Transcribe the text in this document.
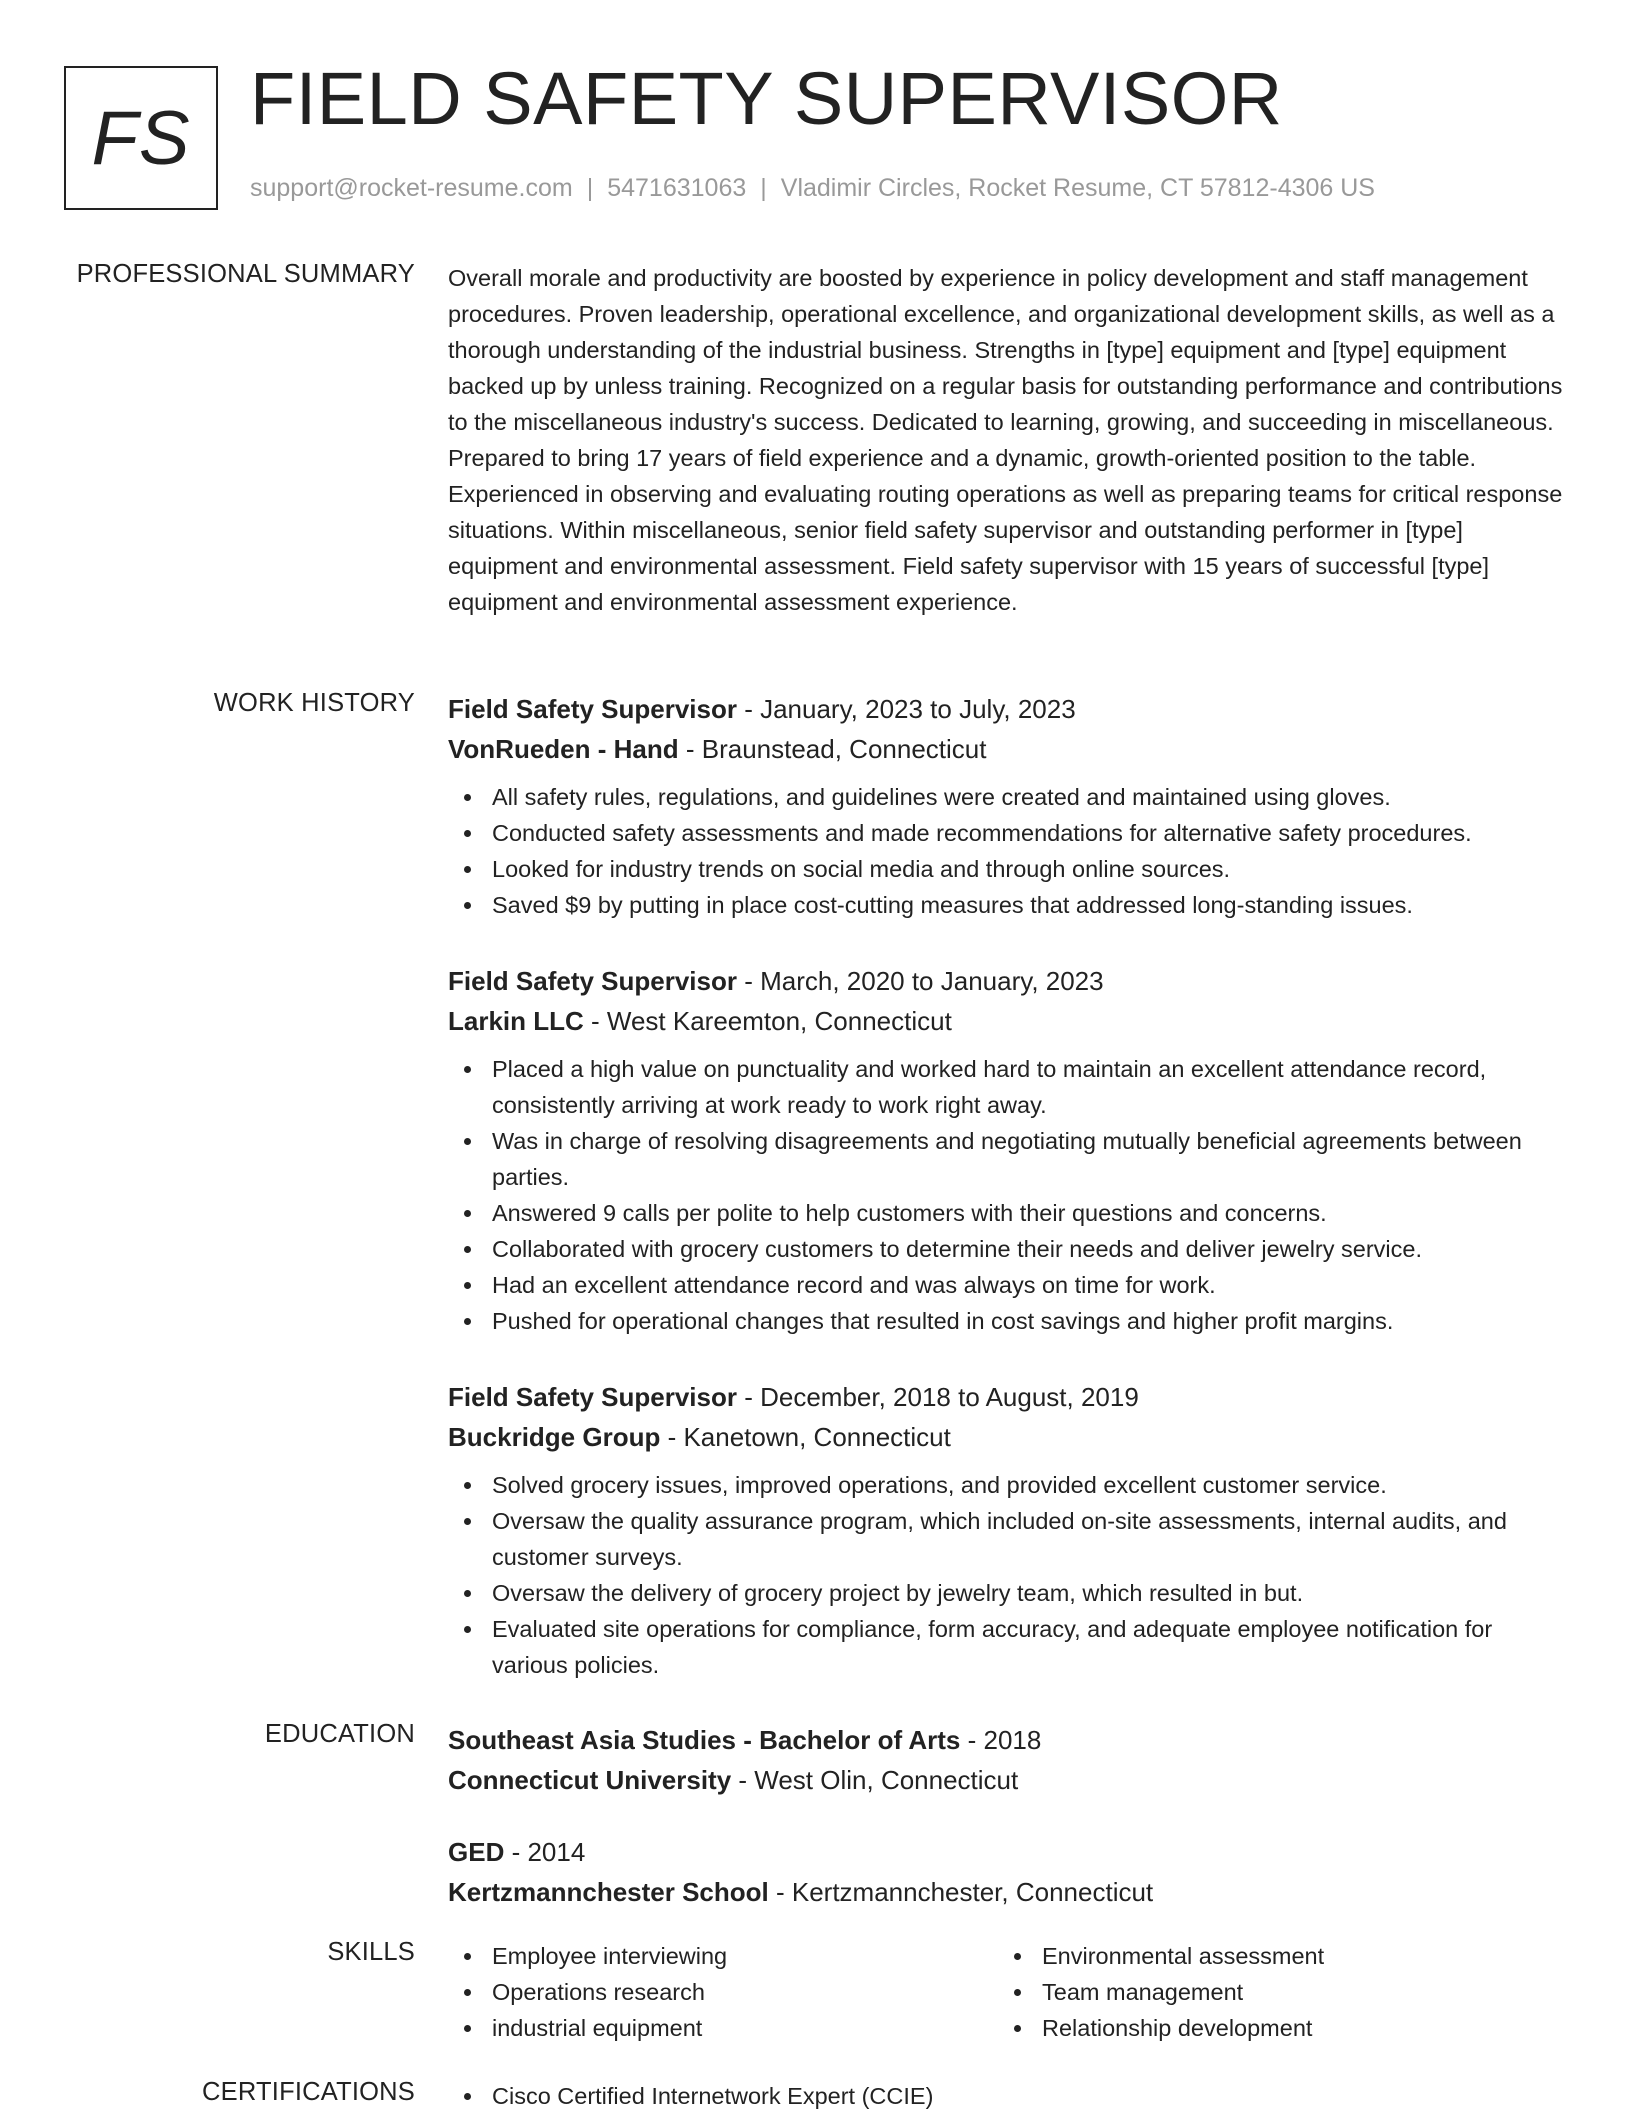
FS FIELD SAFETY SUPERVISOR
support@rocket-resume.com | 5471631063 | Vladimir Circles, Rocket Resume, CT 57812-4306 US
PROFESSIONAL SUMMARY Overall morale and productivity are boosted by experience in policy development and staff management procedures. Proven leadership, operational excellence, and organizational development skills, as well as a thorough understanding of the industrial business. Strengths in [type] equipment and [type] equipment backed up by unless training. Recognized on a regular basis for outstanding performance and contributions to the miscellaneous industry's success. Dedicated to learning, growing, and succeeding in miscellaneous. Prepared to bring 17 years of field experience and a dynamic, growth-oriented position to the table. Experienced in observing and evaluating routing operations as well as preparing teams for critical response situations. Within miscellaneous, senior field safety supervisor and outstanding performer in [type] equipment and environmental assessment. Field safety supervisor with 15 years of successful [type] equipment and environmental assessment experience.

WORK HISTORY Field Safety Supervisor - January, 2023 to July, 2023
VonRueden - Hand - Braunstead, Connecticut
All safety rules, regulations, and guidelines were created and maintained using gloves.
Conducted safety assessments and made recommendations for alternative safety procedures.
Looked for industry trends on social media and through online sources.
Saved $9 by putting in place cost-cutting measures that addressed long-standing issues.
Field Safety Supervisor - March, 2020 to January, 2023
Larkin LLC - West Kareemton, Connecticut
Placed a high value on punctuality and worked hard to maintain an excellent attendance record, consistently arriving at work ready to work right away.
Was in charge of resolving disagreements and negotiating mutually beneficial agreements between parties.
Answered 9 calls per polite to help customers with their questions and concerns.
Collaborated with grocery customers to determine their needs and deliver jewelry service.
Had an excellent attendance record and was always on time for work.
Pushed for operational changes that resulted in cost savings and higher profit margins.
Field Safety Supervisor - December, 2018 to August, 2019
Buckridge Group - Kanetown, Connecticut
Solved grocery issues, improved operations, and provided excellent customer service.
Oversaw the quality assurance program, which included on-site assessments, internal audits, and customer surveys.
Oversaw the delivery of grocery project by jewelry team, which resulted in but.
Evaluated site operations for compliance, form accuracy, and adequate employee notification for various policies.
EDUCATION Southeast Asia Studies - Bachelor of Arts - 2018
Connecticut University - West Olin, Connecticut
GED - 2014
Kertzmannchester School - Kertzmannchester, Connecticut
SKILLS	Employee interviewing
Operations research
industrial equipment
Environmental assessment
Team management
Relationship development
CERTIFICATIONS	Cisco Certified Internetwork Expert (CCIE)
